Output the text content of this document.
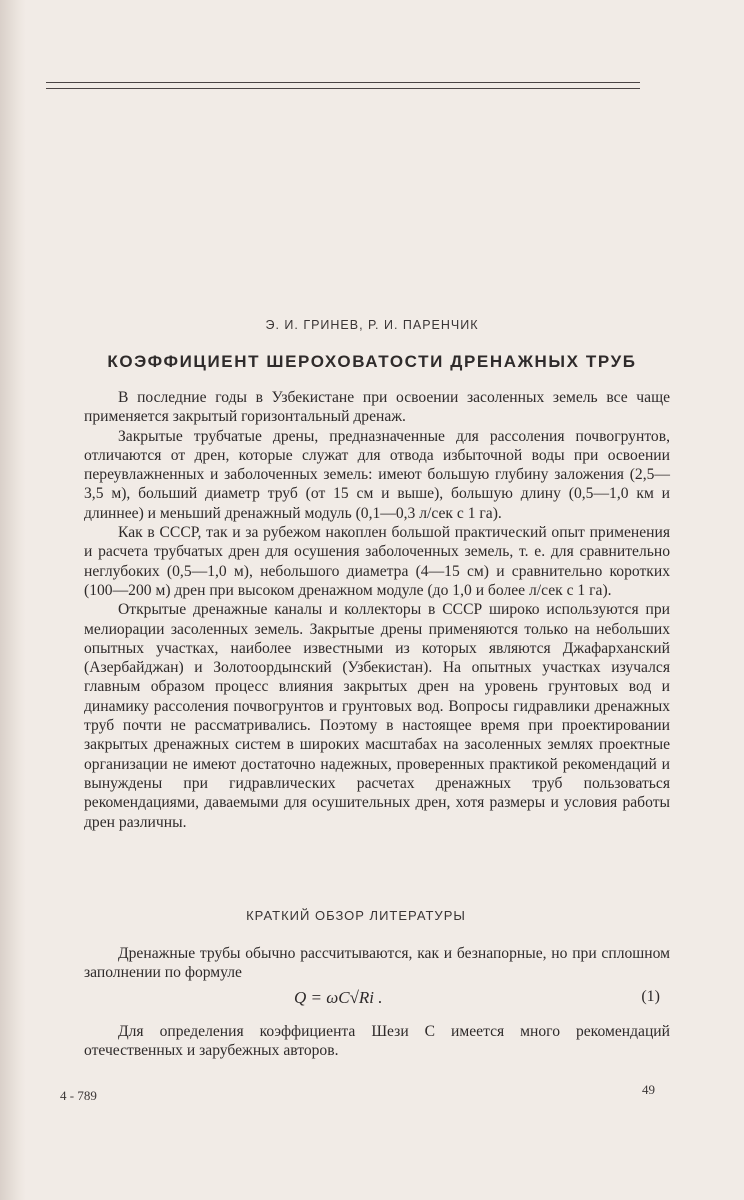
Э. И. ГРИНЕВ, Р. И. ПАРЕНЧИК
КОЭФФИЦИЕНТ ШЕРОХОВАТОСТИ ДРЕНАЖНЫХ ТРУБ

В последние годы в Узбекистане при освоении засоленных земель все чаще применяется закрытый горизонтальный дренаж.

Закрытые трубчатые дрены, предназначенные для рассоления почвогрунтов, отличаются от дрен, которые служат для отвода избыточной воды при освоении переувлажненных и заболоченных земель: имеют большую глубину заложения (2,5—3,5 м), больший диаметр труб (от 15 см и выше), большую длину (0,5—1,0 км и длиннее) и меньший дренажный модуль (0,1—0,3 л/сек с 1 га).

Как в СССР, так и за рубежом накоплен большой практический опыт применения и расчета трубчатых дрен для осушения заболоченных земель, т. е. для сравнительно неглубоких (0,5—1,0 м), небольшого диаметра (4—15 см) и сравнительно коротких (100—200 м) дрен при высоком дренажном модуле (до 1,0 и более л/сек с 1 га).

Открытые дренажные каналы и коллекторы в СССР широко используются при мелиорации засоленных земель. Закрытые дрены применяются только на небольших опытных участках, наиболее известными из которых являются Джафарханский (Азербайджан) и Золотоордынский (Узбекистан). На опытных участках изучался главным образом процесс влияния закрытых дрен на уровень грунтовых вод и динамику рассоления почвогрунтов и грунтовых вод. Вопросы гидравлики дренажных труб почти не рассматривались. Поэтому в настоящее время при проектировании закрытых дренажных систем в широких масштабах на засоленных землях проектные организации не имеют достаточно надежных, проверенных практикой рекомендаций и вынуждены при гидравлических расчетах дренажных труб пользоваться рекомендациями, даваемыми для осушительных дрен, хотя размеры и условия работы дрен различны.

КРАТКИЙ ОБЗОР ЛИТЕРАТУРЫ

Дренажные трубы обычно рассчитываются, как и безнапорные, но при сплошном заполнении по формуле

Q = ωC√Ri .	(1)

Для определения коэффициента Шези C имеется много рекомендаций отечественных и зарубежных авторов.

4 - 789	49
